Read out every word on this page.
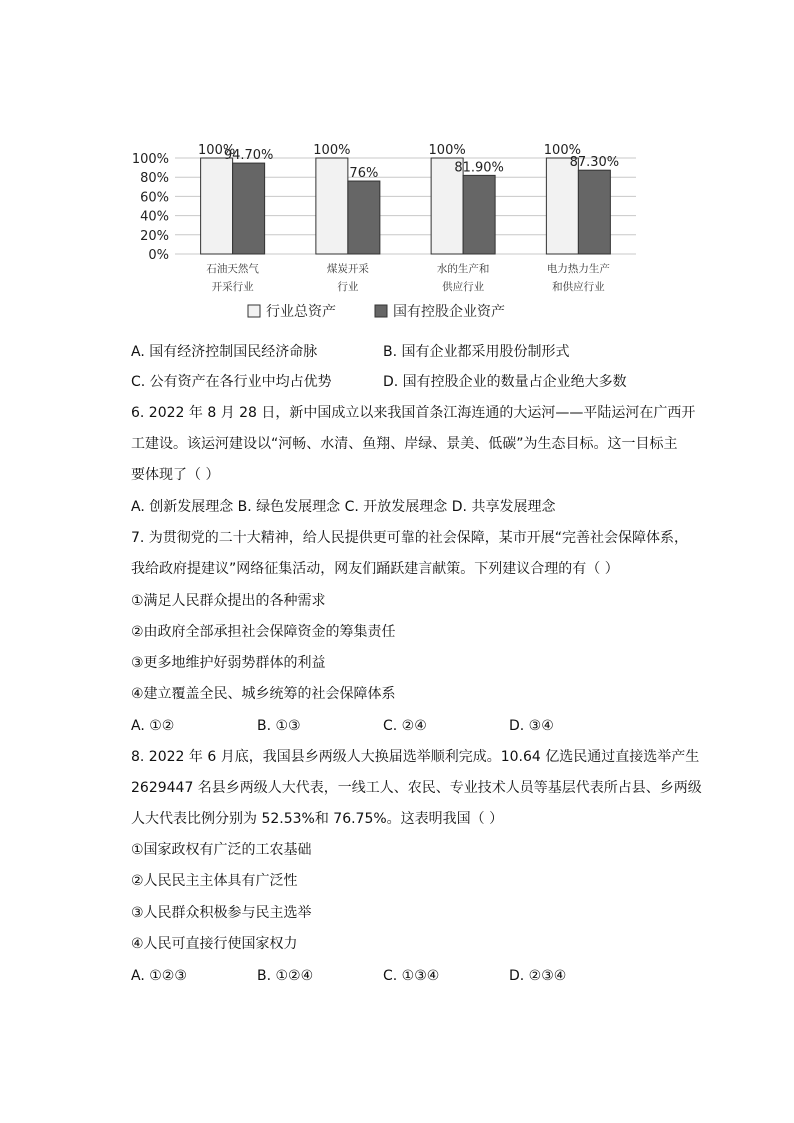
0%
20%
40%
60%
80%
100%
100%
94.70%
石油天然气
开采行业
100%
76%
煤炭开采
行业
100%
81.90%
水的生产和
供应行业
100%
87.30%
电力热力生产
和供应行业
行业总资产	国有控股企业资产
A. 国有经济控制国民经济命脉	B. 国有企业都采用股份制形式
C. 公有资产在各行业中均占优势	D. 国有控股企业的数量占企业绝大多数
6. 2022 年 8 月 28 日，新中国成立以来我国首条江海连通的大运河——平陆运河在广西开
工建设。该运河建设以“河畅、水清、鱼翔、岸绿、景美、低碳”为生态目标。这一目标主
要体现了（ ）
A. 创新发展理念 B. 绿色发展理念 C. 开放发展理念 D. 共享发展理念
7. 为贯彻党的二十大精神，给人民提供更可靠的社会保障，某市开展“完善社会保障体系，
我给政府提建议”网络征集活动，网友们踊跃建言献策。下列建议合理的有（ ）
①满足人民群众提出的各种需求
②由政府全部承担社会保障资金的筹集责任
③更多地维护好弱势群体的利益
④建立覆盖全民、城乡统筹的社会保障体系
A. ①②	B. ①③	C. ②④	D. ③④
8. 2022 年 6 月底，我国县乡两级人大换届选举顺利完成。10.64 亿选民通过直接选举产生
2629447 名县乡两级人大代表，一线工人、农民、专业技术人员等基层代表所占县、乡两级
人大代表比例分别为 52.53%和 76.75%。这表明我国（ ）
①国家政权有广泛的工农基础
②人民民主主体具有广泛性
③人民群众积极参与民主选举
④人民可直接行使国家权力
A. ①②③	B. ①②④	C. ①③④	D. ②③④
